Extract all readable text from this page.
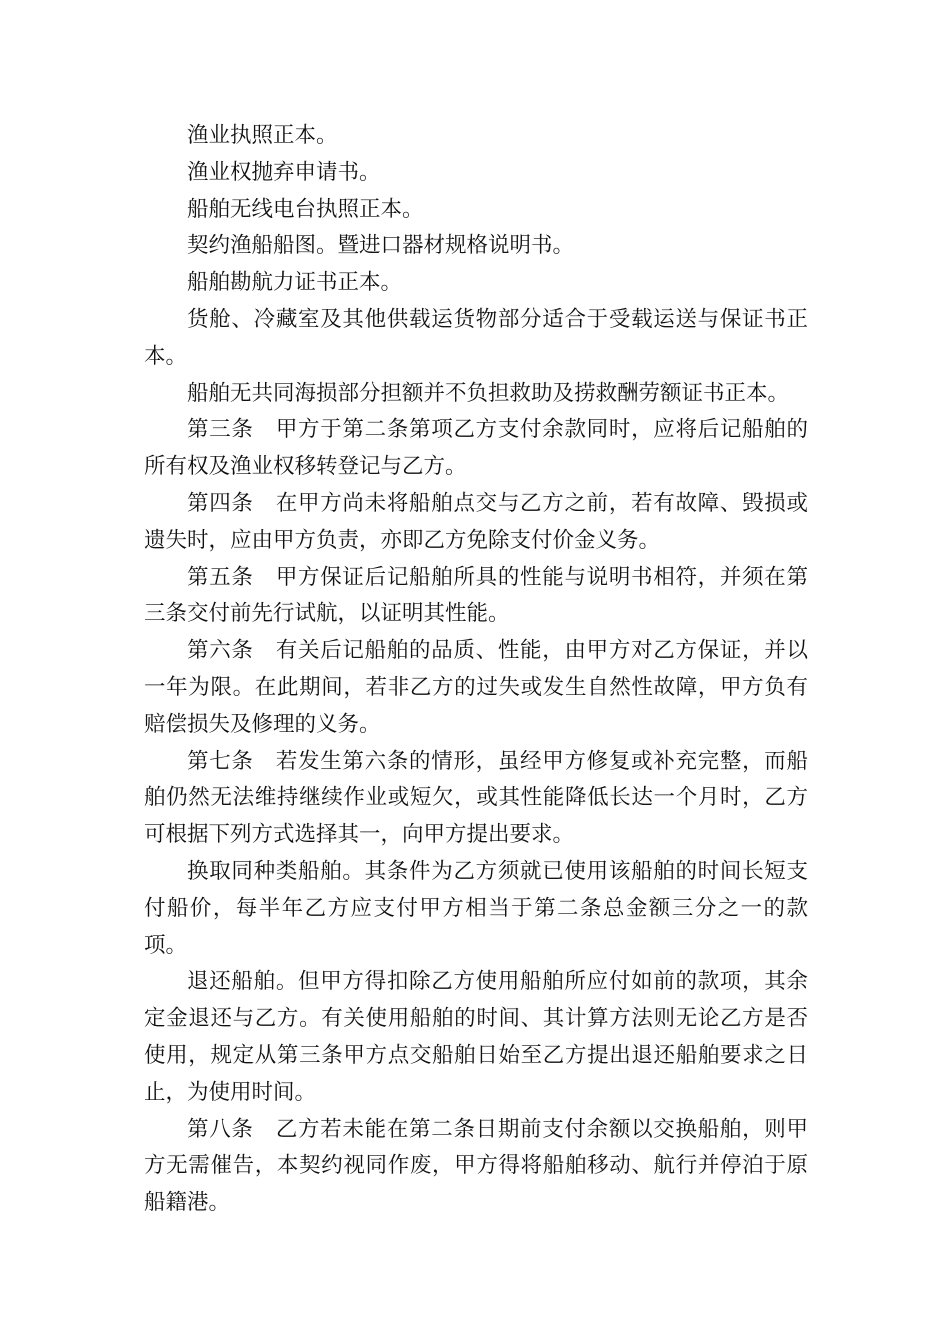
渔业执照正本。

渔业权抛弃申请书。

船舶无线电台执照正本。

契约渔船船图。暨进口器材规格说明书。

船舶勘航力证书正本。

货舱、冷藏室及其他供载运货物部分适合于受载运送与保证书正本。

船舶无共同海损部分担额并不负担救助及捞救酬劳额证书正本。

第三条　甲方于第二条第项乙方支付余款同时，应将后记船舶的所有权及渔业权移转登记与乙方。

第四条　在甲方尚未将船舶点交与乙方之前，若有故障、毁损或遗失时，应由甲方负责，亦即乙方免除支付价金义务。

第五条　甲方保证后记船舶所具的性能与说明书相符，并须在第三条交付前先行试航，以证明其性能。

第六条　有关后记船舶的品质、性能，由甲方对乙方保证，并以一年为限。在此期间，若非乙方的过失或发生自然性故障，甲方负有赔偿损失及修理的义务。

第七条　若发生第六条的情形，虽经甲方修复或补充完整，而船舶仍然无法维持继续作业或短欠，或其性能降低长达一个月时，乙方可根据下列方式选择其一，向甲方提出要求。

换取同种类船舶。其条件为乙方须就已使用该船舶的时间长短支付船价，每半年乙方应支付甲方相当于第二条总金额三分之一的款项。

退还船舶。但甲方得扣除乙方使用船舶所应付如前的款项，其余定金退还与乙方。有关使用船舶的时间、其计算方法则无论乙方是否使用，规定从第三条甲方点交船舶日始至乙方提出退还船舶要求之日止，为使用时间。

第八条　乙方若未能在第二条日期前支付余额以交换船舶，则甲方无需催告，本契约视同作废，甲方得将船舶移动、航行并停泊于原船籍港。
